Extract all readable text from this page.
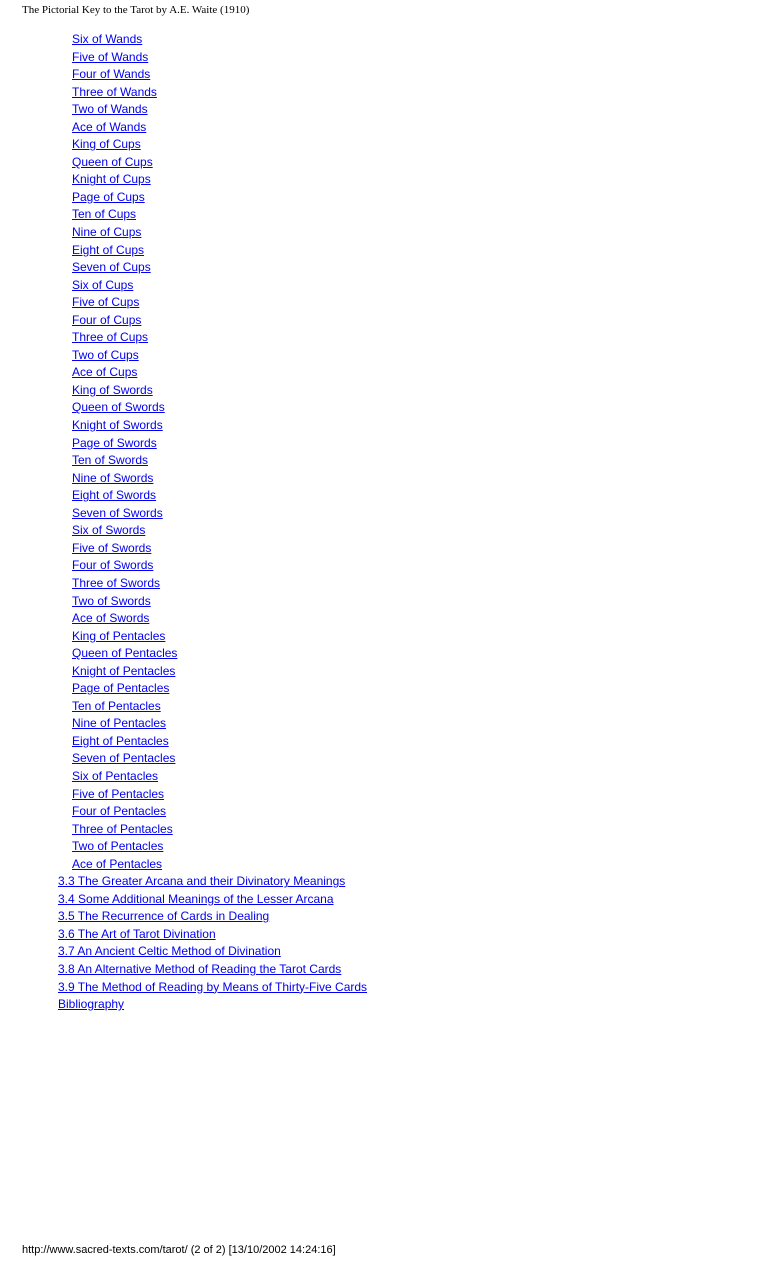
The Pictorial Key to the Tarot by A.E. Waite (1910)
Six of Wands
Five of Wands
Four of Wands
Three of Wands
Two of Wands
Ace of Wands
King of Cups
Queen of Cups
Knight of Cups
Page of Cups
Ten of Cups
Nine of Cups
Eight of Cups
Seven of Cups
Six of Cups
Five of Cups
Four of Cups
Three of Cups
Two of Cups
Ace of Cups
King of Swords
Queen of Swords
Knight of Swords
Page of Swords
Ten of Swords
Nine of Swords
Eight of Swords
Seven of Swords
Six of Swords
Five of Swords
Four of Swords
Three of Swords
Two of Swords
Ace of Swords
King of Pentacles
Queen of Pentacles
Knight of Pentacles
Page of Pentacles
Ten of Pentacles
Nine of Pentacles
Eight of Pentacles
Seven of Pentacles
Six of Pentacles
Five of Pentacles
Four of Pentacles
Three of Pentacles
Two of Pentacles
Ace of Pentacles
3.3 The Greater Arcana and their Divinatory Meanings
3.4 Some Additional Meanings of the Lesser Arcana
3.5 The Recurrence of Cards in Dealing
3.6 The Art of Tarot Divination
3.7 An Ancient Celtic Method of Divination
3.8 An Alternative Method of Reading the Tarot Cards
3.9 The Method of Reading by Means of Thirty-Five Cards
Bibliography
http://www.sacred-texts.com/tarot/ (2 of 2) [13/10/2002 14:24:16]
